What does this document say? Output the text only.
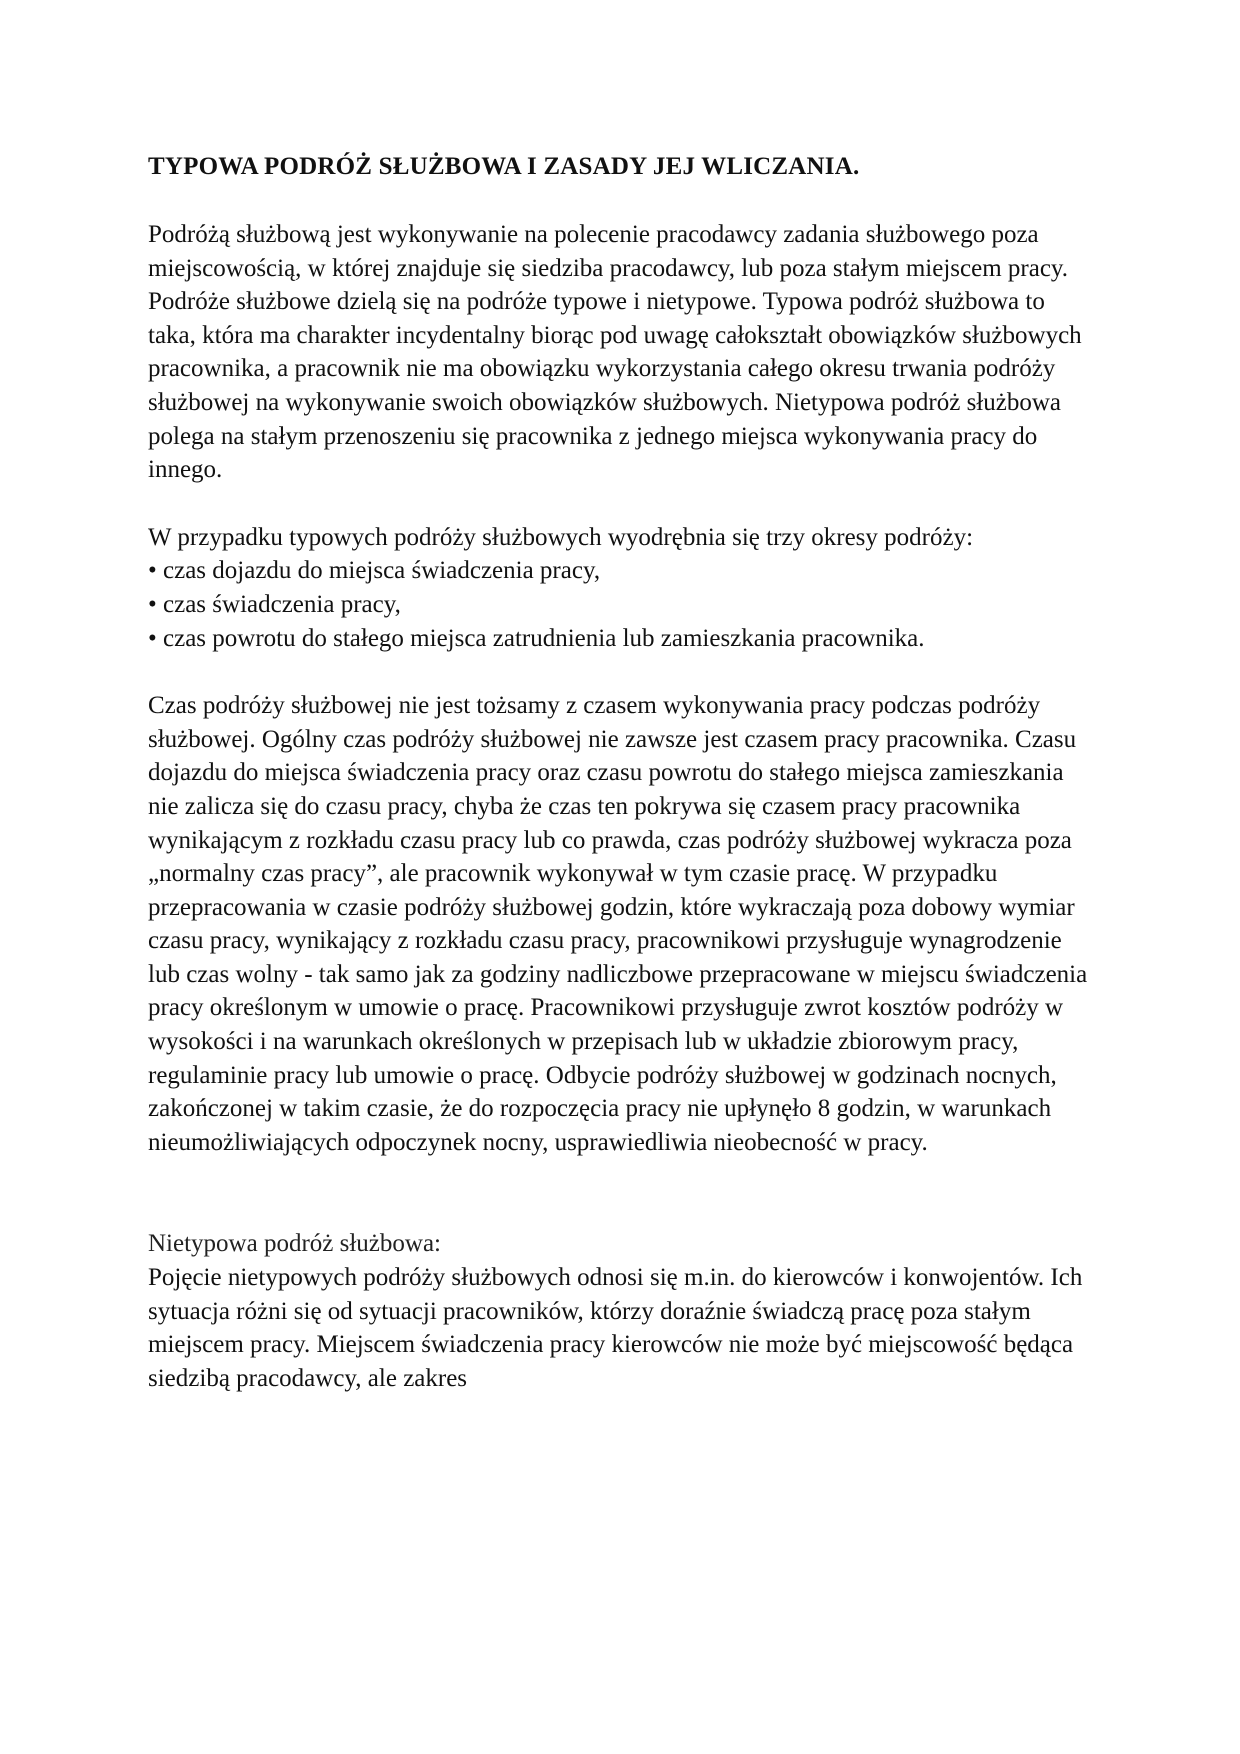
TYPOWA PODRÓŻ SŁUŻBOWA I ZASADY JEJ WLICZANIA.

Podróżą służbową jest wykonywanie na polecenie pracodawcy zadania służbowego poza miejscowością, w której znajduje się siedziba pracodawcy, lub poza stałym miejscem pracy. Podróże służbowe dzielą się na podróże typowe i nietypowe. Typowa podróż służbowa to taka, która ma charakter incydentalny biorąc pod uwagę całokształt obowiązków służbowych pracownika, a pracownik nie ma obowiązku wykorzystania całego okresu trwania podróży służbowej na wykonywanie swoich obowiązków służbowych. Nietypowa podróż służbowa polega na stałym przenoszeniu się pracownika z jednego miejsca wykonywania pracy do innego.

W przypadku typowych podróży służbowych wyodrębnia się trzy okresy podróży:

• czas dojazdu do miejsca świadczenia pracy,
• czas świadczenia pracy,
• czas powrotu do stałego miejsca zatrudnienia lub zamieszkania pracownika.

Czas podróży służbowej nie jest tożsamy z czasem wykonywania pracy podczas podróży służbowej. Ogólny czas podróży służbowej nie zawsze jest czasem pracy pracownika. Czasu dojazdu do miejsca świadczenia pracy oraz czasu powrotu do stałego miejsca zamieszkania nie zalicza się do czasu pracy, chyba że czas ten pokrywa się czasem pracy pracownika wynikającym z rozkładu czasu pracy lub co prawda, czas podróży służbowej wykracza poza „normalny czas pracy”, ale pracownik wykonywał w tym czasie pracę. W przypadku przepracowania w czasie podróży służbowej godzin, które wykraczają poza dobowy wymiar czasu pracy, wynikający z rozkładu czasu pracy, pracownikowi przysługuje wynagrodzenie lub czas wolny - tak samo jak za godziny nadliczbowe przepracowane w miejscu świadczenia pracy określonym w umowie o pracę. Pracownikowi przysługuje zwrot kosztów podróży w wysokości i na warunkach określonych w przepisach lub w układzie zbiorowym pracy, regulaminie pracy lub umowie o pracę. Odbycie podróży służbowej w godzinach nocnych, zakończonej w takim czasie, że do rozpoczęcia pracy nie upłynęło 8 godzin, w warunkach nieumożliwiających odpoczynek nocny, usprawiedliwia nieobecność w pracy.

Nietypowa podróż służbowa:

Pojęcie nietypowych podróży służbowych odnosi się m.in. do kierowców i konwojentów. Ich sytuacja różni się od sytuacji pracowników, którzy doraźnie świadczą pracę poza stałym miejscem pracy. Miejscem świadczenia pracy kierowców nie może być miejscowość będąca siedzibą pracodawcy, ale zakres
